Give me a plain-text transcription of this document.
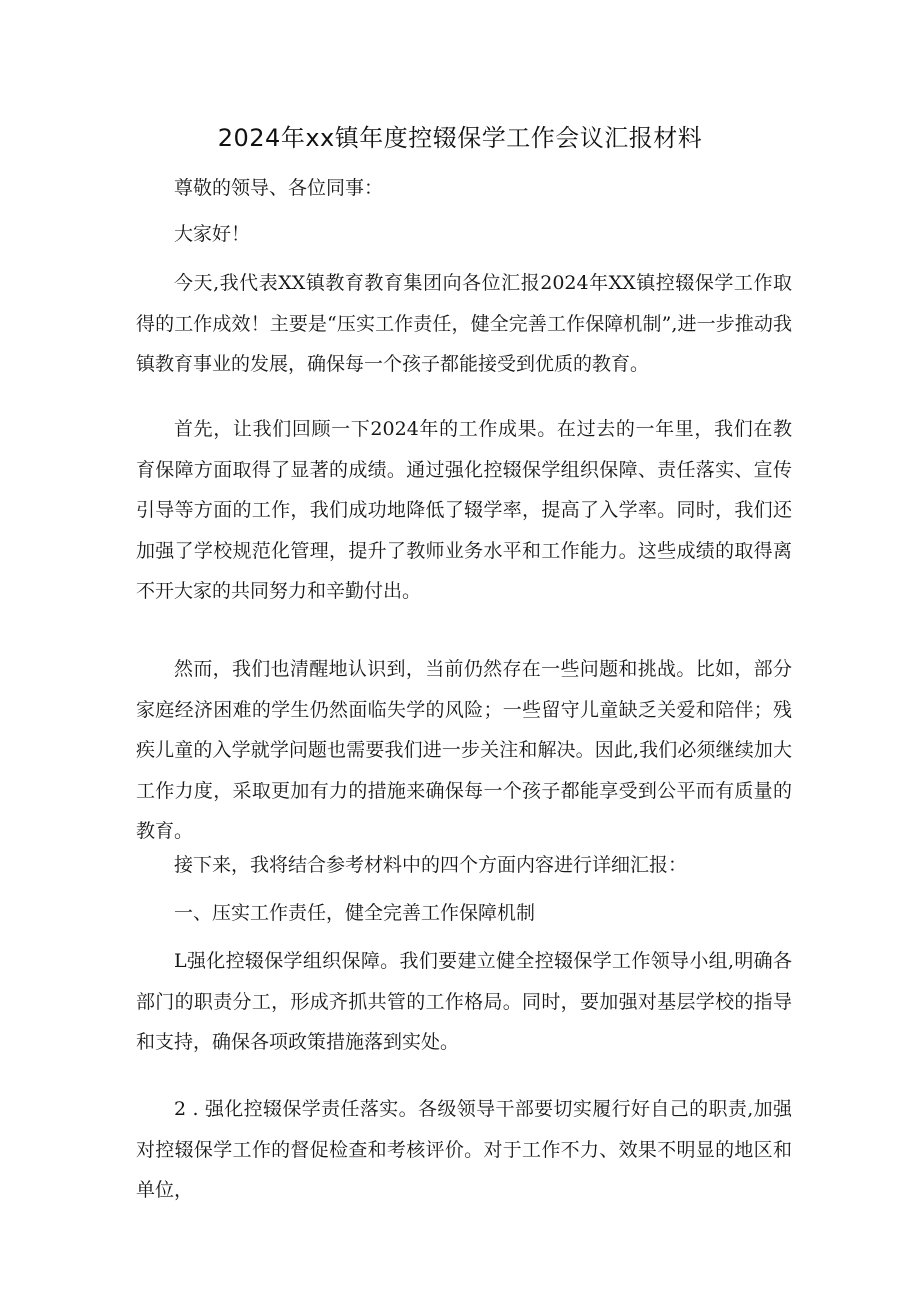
2024年xx镇年度控辍保学工作会议汇报材料

尊敬的领导、各位同事：

大家好！

今天,我代表XX镇教育教育集团向各位汇报2024年XX镇控辍保学工作取得的工作成效！主要是“压实工作责任，健全完善工作保障机制”,进一步推动我镇教育事业的发展，确保每一个孩子都能接受到优质的教育。

首先，让我们回顾一下2024年的工作成果。在过去的一年里，我们在教育保障方面取得了显著的成绩。通过强化控辍保学组织保障、责任落实、宣传引导等方面的工作，我们成功地降低了辍学率，提高了入学率。同时，我们还加强了学校规范化管理，提升了教师业务水平和工作能力。这些成绩的取得离不开大家的共同努力和辛勤付出。

然而，我们也清醒地认识到，当前仍然存在一些问题和挑战。比如，部分家庭经济困难的学生仍然面临失学的风险；一些留守儿童缺乏关爱和陪伴；残疾儿童的入学就学问题也需要我们进一步关注和解决。因此,我们必须继续加大工作力度，采取更加有力的措施来确保每一个孩子都能享受到公平而有质量的教育。

接下来，我将结合参考材料中的四个方面内容进行详细汇报：

一、压实工作责任，健全完善工作保障机制

L强化控辍保学组织保障。我们要建立健全控辍保学工作领导小组,明确各部门的职责分工，形成齐抓共管的工作格局。同时，要加强对基层学校的指导和支持，确保各项政策措施落到实处。

2 . 强化控辍保学责任落实。各级领导干部要切实履行好自己的职责,加强对控辍保学工作的督促检查和考核评价。对于工作不力、效果不明显的地区和单位，
